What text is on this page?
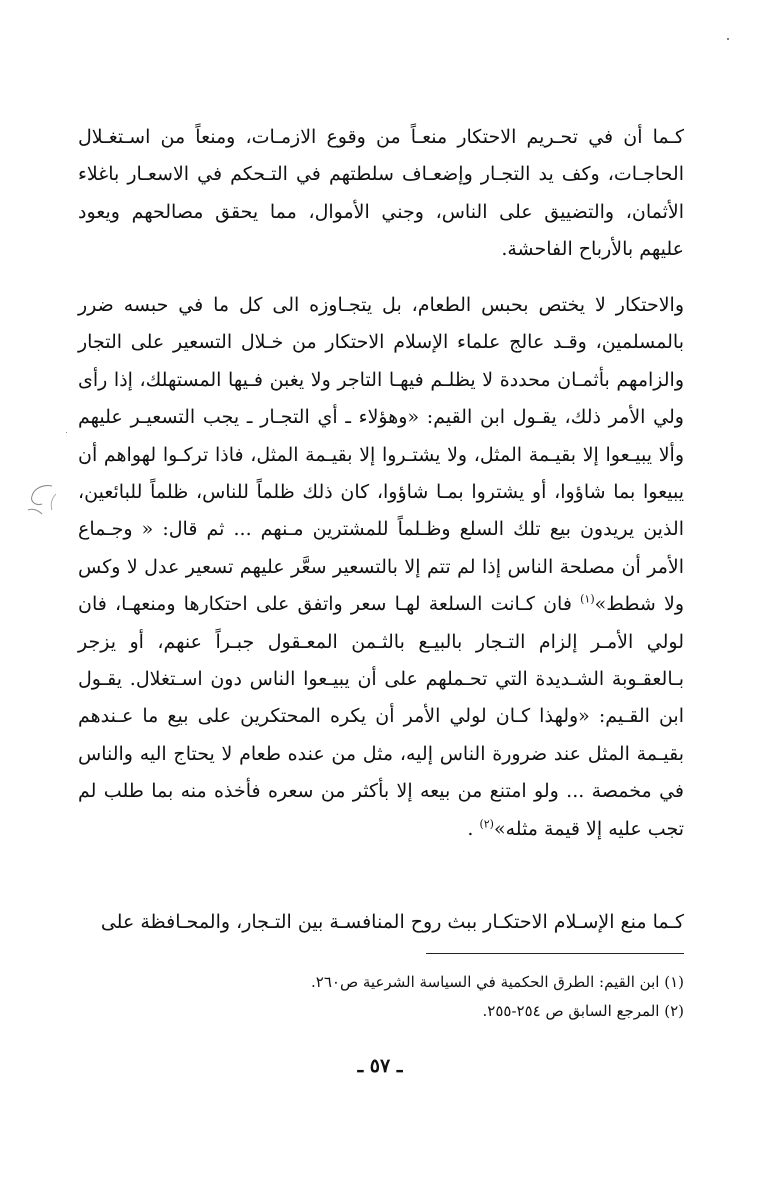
كـما أن في تحـريم الاحتكار منعـاً من وقوع الازمـات، ومنعاً من اسـتغـلال الحاجـات، وكف يد التجـار وإضعـاف سلطتهم في التـحكم في الاسعـار باغلاء الأثمان، والتضييق على الناس، وجني الأموال، مما يحقق مصالحهم ويعود عليهم بالأرباح الفاحشة.

والاحتكار لا يختص بحبس الطعام، بل يتجـاوزه الى كل ما في حبسه ضرر بالمسلمين، وقـد عالج علماء الإسلام الاحتكار من خـلال التسعير على التجار والزامهم بأثمـان محددة لا يظلـم فيهـا التاجر ولا يغبن فـيها المستهلك، إذا رأى ولي الأمر ذلك، يقـول ابن القيم: «وهؤلاء ـ أي التجـار ـ يجب التسعيـر عليهم وألا يبيـعوا إلا بقيـمة المثل، ولا يشتـروا إلا بقيـمة المثل، فاذا تركـوا لهواهم أن يبيعوا بما شاؤوا، أو يشتروا بمـا شاؤوا، كان ذلك ظلماً للناس، ظلماً للبائعين، الذين يريدون بيع تلك السلع وظـلماً للمشترين مـنهم ... ثم قال: « وجـماع الأمر أن مصلحة الناس إذا لم تتم إلا بالتسعير سعَّر عليهم تسعير عدل لا وكس ولا شطط»$^{(١)}$ فان كـانت السلعة لهـا سعر واتفق على احتكارها ومنعهـا، فان لولي الأمـر إلزام التـجار بالبيـع بالثـمن المعـقول جبـراً عنهم، أو يزجر بـالعقـوبة الشـديدة التي تحـملهم على أن يبيـعوا الناس دون اسـتغلال. يقـول ابن القـيم: «ولهذا كـان لولي الأمر أن يكره المحتكرين على بيع ما عـندهم بقيـمة المثل عند ضرورة الناس إليه، مثل من عنده طعام لا يحتاج اليه والناس في مخمصة ... ولو امتنع من بيعه إلا بأكثر من سعره فأخذه منه بما طلب لم تجب عليه إلا قيمة مثله»$^{(٢)}$ .

كـما منع الإسـلام الاحتكـار ببث روح المنافسـة بين التـجار، والمحـافظة على

(١) ابن القيم: الطرق الحكمية في السياسة الشرعية ص٢٦٠.
(٢) المرجع السابق ص ٢٥٤-٢٥٥.
ـ ٥٧ ـ
